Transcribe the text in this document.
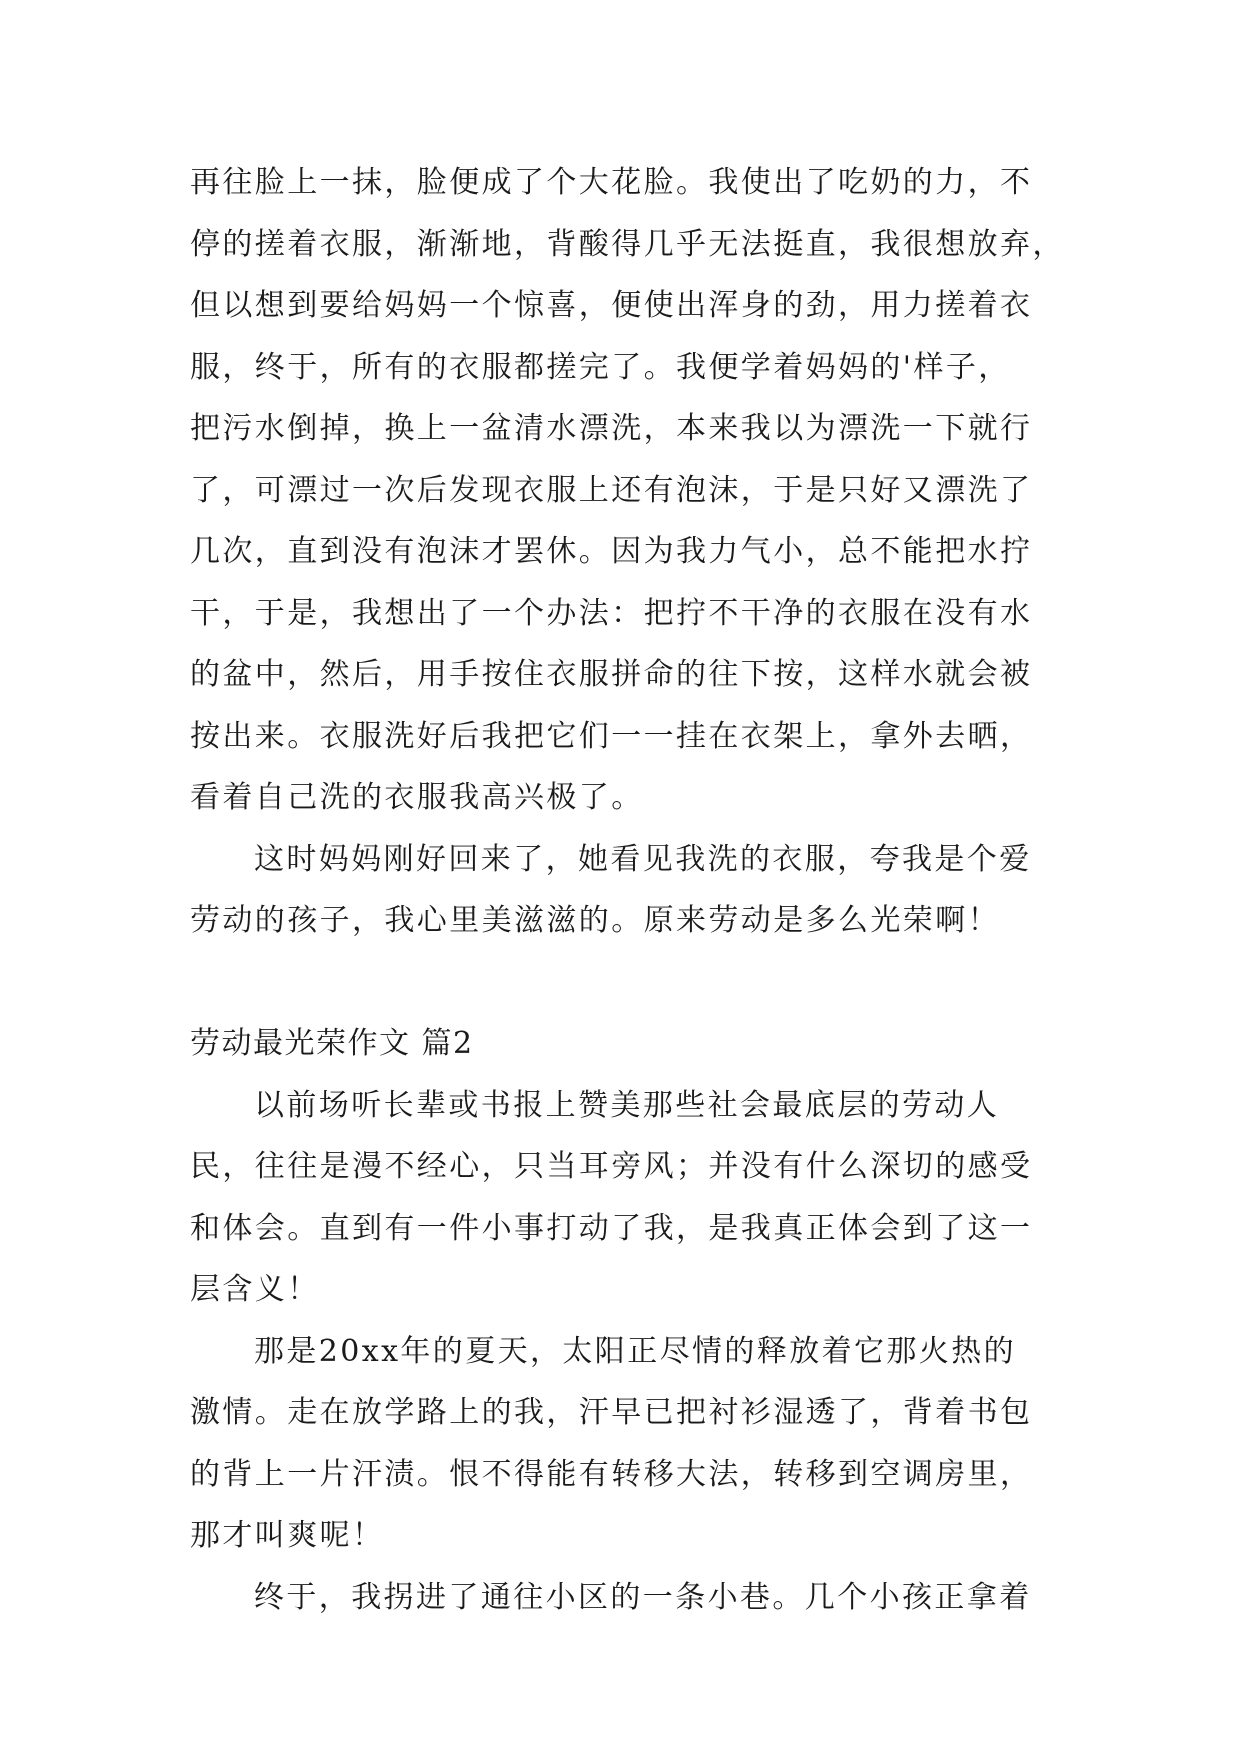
再往脸上一抹，脸便成了个大花脸。我使出了吃奶的力，不
停的搓着衣服，渐渐地，背酸得几乎无法挺直，我很想放弃，
但以想到要给妈妈一个惊喜，便使出浑身的劲，用力搓着衣
服，终于，所有的衣服都搓完了。我便学着妈妈的'样子，
把污水倒掉，换上一盆清水漂洗，本来我以为漂洗一下就行
了，可漂过一次后发现衣服上还有泡沫，于是只好又漂洗了
几次，直到没有泡沫才罢休。因为我力气小，总不能把水拧
干，于是，我想出了一个办法：把拧不干净的衣服在没有水
的盆中，然后，用手按住衣服拼命的往下按，这样水就会被
按出来。衣服洗好后我把它们一一挂在衣架上，拿外去晒，
看着自己洗的衣服我高兴极了。
这时妈妈刚好回来了，她看见我洗的衣服，夸我是个爱
劳动的孩子，我心里美滋滋的。原来劳动是多么光荣啊！
劳动最光荣作文 篇2
以前场听长辈或书报上赞美那些社会最底层的劳动人
民，往往是漫不经心，只当耳旁风；并没有什么深切的感受
和体会。直到有一件小事打动了我，是我真正体会到了这一
层含义！
那是20xx年的夏天，太阳正尽情的释放着它那火热的
激情。走在放学路上的我，汗早已把衬衫湿透了，背着书包
的背上一片汗渍。恨不得能有转移大法，转移到空调房里，
那才叫爽呢！
终于，我拐进了通往小区的一条小巷。几个小孩正拿着
